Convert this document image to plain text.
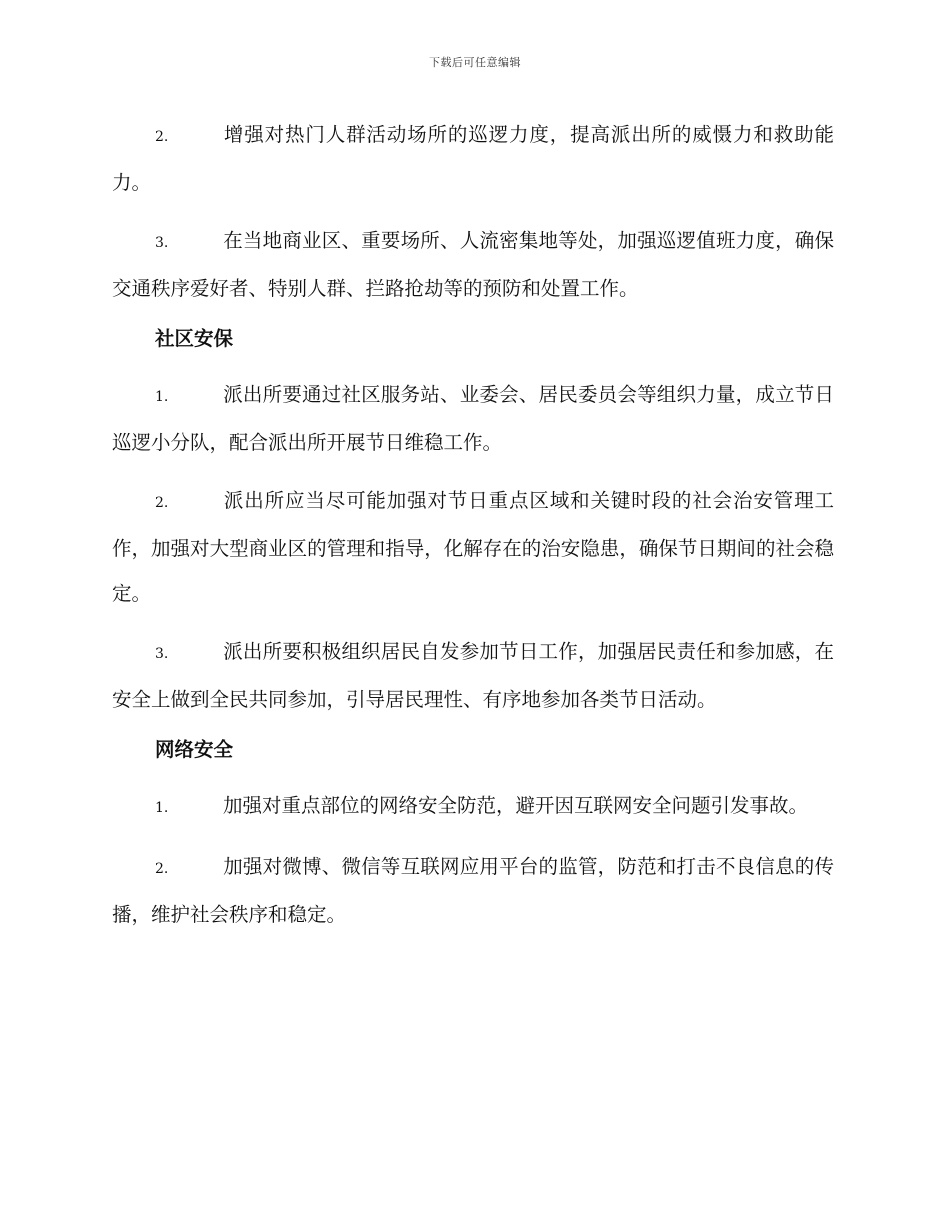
下载后可任意编辑

2.	增强对热门人群活动场所的巡逻力度，提高派出所的威慑力和救助能力。

3.	在当地商业区、重要场所、人流密集地等处，加强巡逻值班力度，确保交通秩序爱好者、特别人群、拦路抢劫等的预防和处置工作。

社区安保

1.	派出所要通过社区服务站、业委会、居民委员会等组织力量，成立节日巡逻小分队，配合派出所开展节日维稳工作。

2.	派出所应当尽可能加强对节日重点区域和关键时段的社会治安管理工作，加强对大型商业区的管理和指导，化解存在的治安隐患，确保节日期间的社会稳定。

3.	派出所要积极组织居民自发参加节日工作，加强居民责任和参加感，在安全上做到全民共同参加，引导居民理性、有序地参加各类节日活动。

网络安全

1.	加强对重点部位的网络安全防范，避开因互联网安全问题引发事故。

2.	加强对微博、微信等互联网应用平台的监管，防范和打击不良信息的传播，维护社会秩序和稳定。
